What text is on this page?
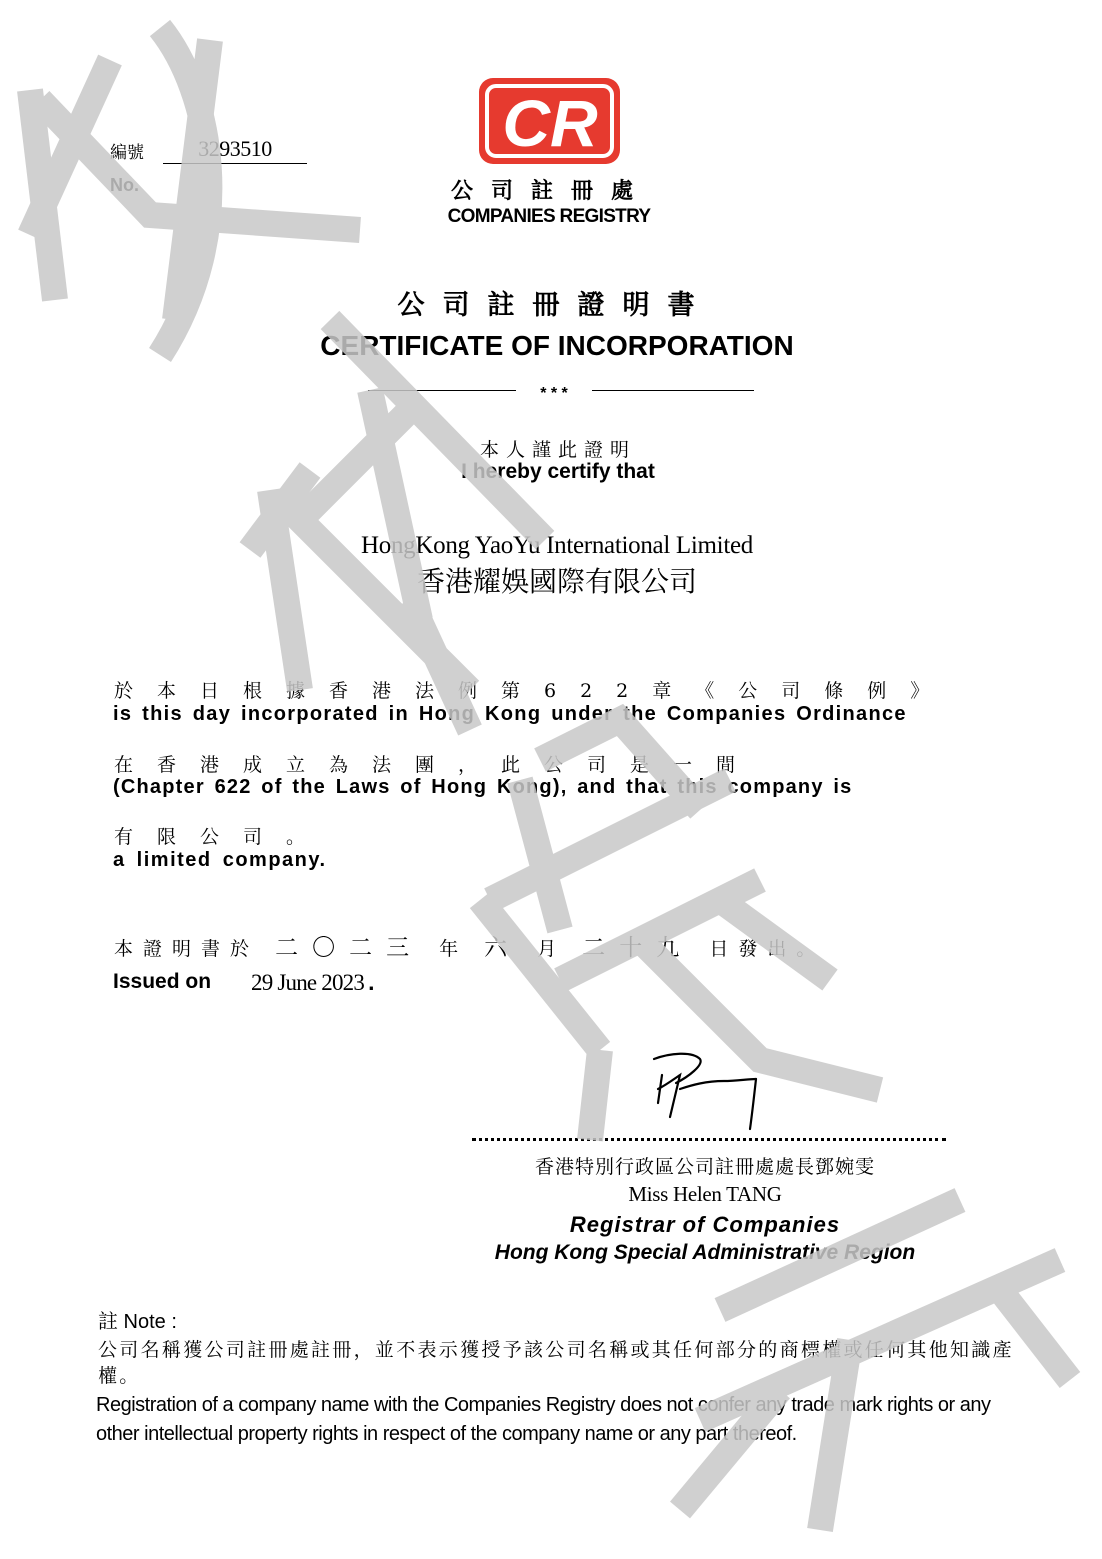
編號	3293510
No.
CR
公司註冊處
COMPANIES REGISTRY
公司註冊證明書
CERTIFICATE OF INCORPORATION
* * *
本人謹此證明
I hereby certify that
HongKong YaoYu International Limited
香港耀娛國際有限公司
於本日根據香港法例第622章《公司條例》
is this day incorporated in Hong Kong under the Companies Ordinance
在香港成立為法團，此公司是一間
(Chapter 622 of the Laws of Hong Kong), and that this company is
有限公司。
a limited company.
本證明書於 二〇二三 年 六 月 二十九 日發出。
Issued on 29 June 2023 .
香港特別行政區公司註冊處處長鄧婉雯
Miss Helen TANG
Registrar of Companies
Hong Kong Special Administrative Region
註 Note :
公司名稱獲公司註冊處註冊，並不表示獲授予該公司名稱或其任何部分的商標權或任何其他知識產權。
Registration of a company name with the Companies Registry does not confer any trade mark rights or any other intellectual property rights in respect of the company name or any part thereof.
